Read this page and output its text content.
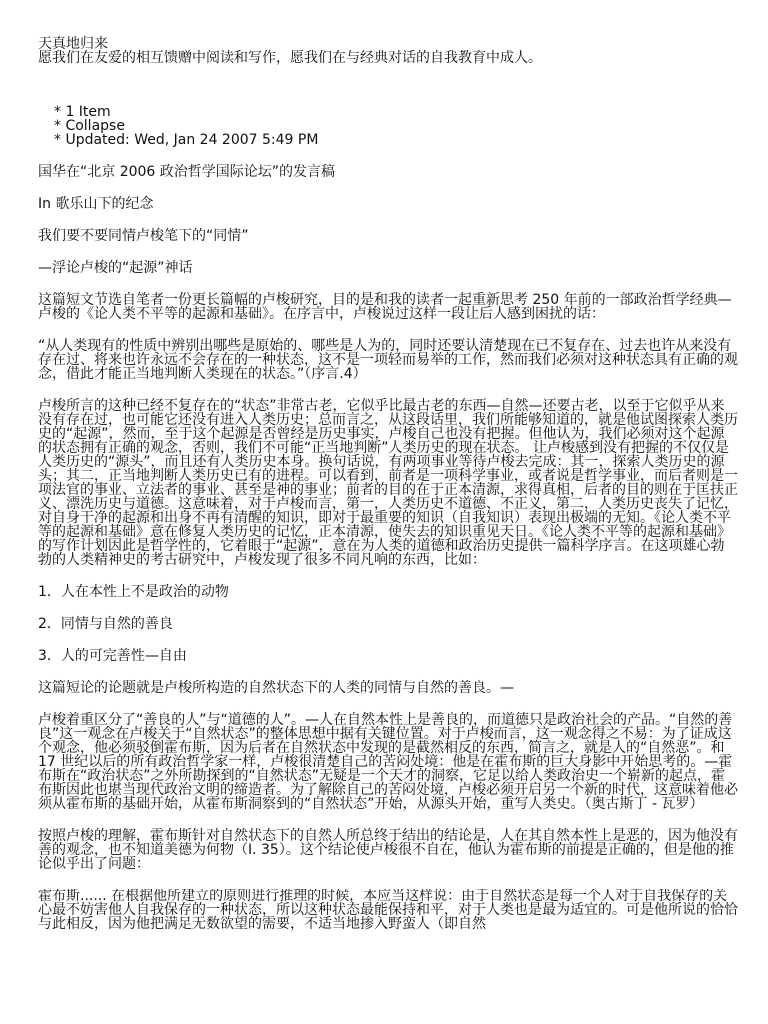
天真地归来

愿我们在友爱的相互馈赠中阅读和写作，愿我们在与经典对话的自我教育中成人。

* 1 Item
* Collapse
* Updated: Wed, Jan 24 2007 5:49 PM

国华在“北京 2006 政治哲学国际论坛”的发言稿

In 歌乐山下的纪念

我们要不要同情卢梭笔下的“同情”

—浮论卢梭的“起源”神话

这篇短文节选自笔者一份更长篇幅的卢梭研究，目的是和我的读者一起重新思考 250 年前的一部政治哲学经典—卢梭的《论人类不平等的起源和基础》。在序言中，卢梭说过这样一段让后人感到困扰的话：

“从人类现有的性质中辨别出哪些是原始的、哪些是人为的，同时还要认清楚现在已不复存在、过去也许从来没有存在过、将来也许永远不会存在的一种状态，这不是一项轻而易举的工作，然而我们必须对这种状态具有正确的观念，借此才能正当地判断人类现在的状态。”（序言.4）

卢梭所言的这种已经不复存在的“状态”非常古老，它似乎比最古老的东西—自然—还要古老，以至于它似乎从来没有存在过，也可能它还没有进入人类历史；总而言之，从这段话里，我们所能够知道的，就是他试图探索人类历史的“起源”，然而，至于这个起源是否曾经是历史事实，卢梭自己也没有把握。但他认为，我们必须对这个起源的状态拥有正确的观念，否则，我们不可能“正当地判断”人类历史的现在状态。 让卢梭感到没有把握的不仅仅是人类历史的“源头”，而且还有人类历史本身。换句话说，有两项事业等待卢梭去完成：其一，探索人类历史的源头；其二，正当地判断人类历史已有的进程。可以看到，前者是一项科学事业，或者说是哲学事业，而后者则是一项法官的事业、立法者的事业、甚至是神的事业；前者的目的在于正本清源，求得真相，后者的目的则在于匡扶正义、漂洗历史与道德。这意味着，对于卢梭而言，第一，人类历史不道德、不正义，第二，人类历史丧失了记忆，对自身干净的起源和出身不再有清醒的知识，即对于最重要的知识（自我知识）表现出极端的无知。《论人类不平等的起源和基础》意在修复人类历史的记忆，正本清源，使失去的知识重见天日。《论人类不平等的起源和基础》的写作计划因此是哲学性的，它着眼于“起源”，意在为人类的道德和政治历史提供一篇科学序言。在这项雄心勃勃的人类精神史的考古研究中，卢梭发现了很多不同凡响的东西，比如：

1．人在本性上不是政治的动物

2．同情与自然的善良

3．人的可完善性—自由

这篇短论的论题就是卢梭所构造的自然状态下的人类的同情与自然的善良。—

卢梭着重区分了“善良的人”与“道德的人”。—人在自然本性上是善良的，而道德只是政治社会的产品。“自然的善良”这一观念在卢梭关于“自然状态”的整体思想中据有关键位置。对于卢梭而言，这一观念得之不易：为了证成这个观念，他必须驳倒霍布斯，因为后者在自然状态中发现的是截然相反的东西，简言之，就是人的“自然恶”。和 17 世纪以后的所有政治哲学家一样，卢梭很清楚自己的苦闷处境：他是在霍布斯的巨大身影中开始思考的。—霍布斯在“政治状态”之外所勘探到的“自然状态”无疑是一个天才的洞察，它足以给人类政治史一个崭新的起点，霍布斯因此也堪当现代政治文明的缔造者。为了解除自己的苦闷处境，卢梭必须开启另一个新的时代，这意味着他必须从霍布斯的基础开始，从霍布斯洞察到的“自然状态”开始，从源头开始，重写人类史。（奥古斯丁 - 瓦罗）

按照卢梭的理解，霍布斯针对自然状态下的自然人所总终于结出的结论是，人在其自然本性上是恶的，因为他没有善的观念，也不知道美德为何物（I. 35）。这个结论使卢梭很不自在，他认为霍布斯的前提是正确的，但是他的推论似乎出了问题：

霍布斯...... 在根据他所建立的原则进行推理的时候，本应当这样说：由于自然状态是每一个人对于自我保存的关心最不妨害他人自我保存的一种状态，所以这种状态最能保持和平，对于人类也是最为适宜的。可是他所说的恰恰与此相反，因为他把满足无数欲望的需要，不适当地掺入野蛮人（即自然
